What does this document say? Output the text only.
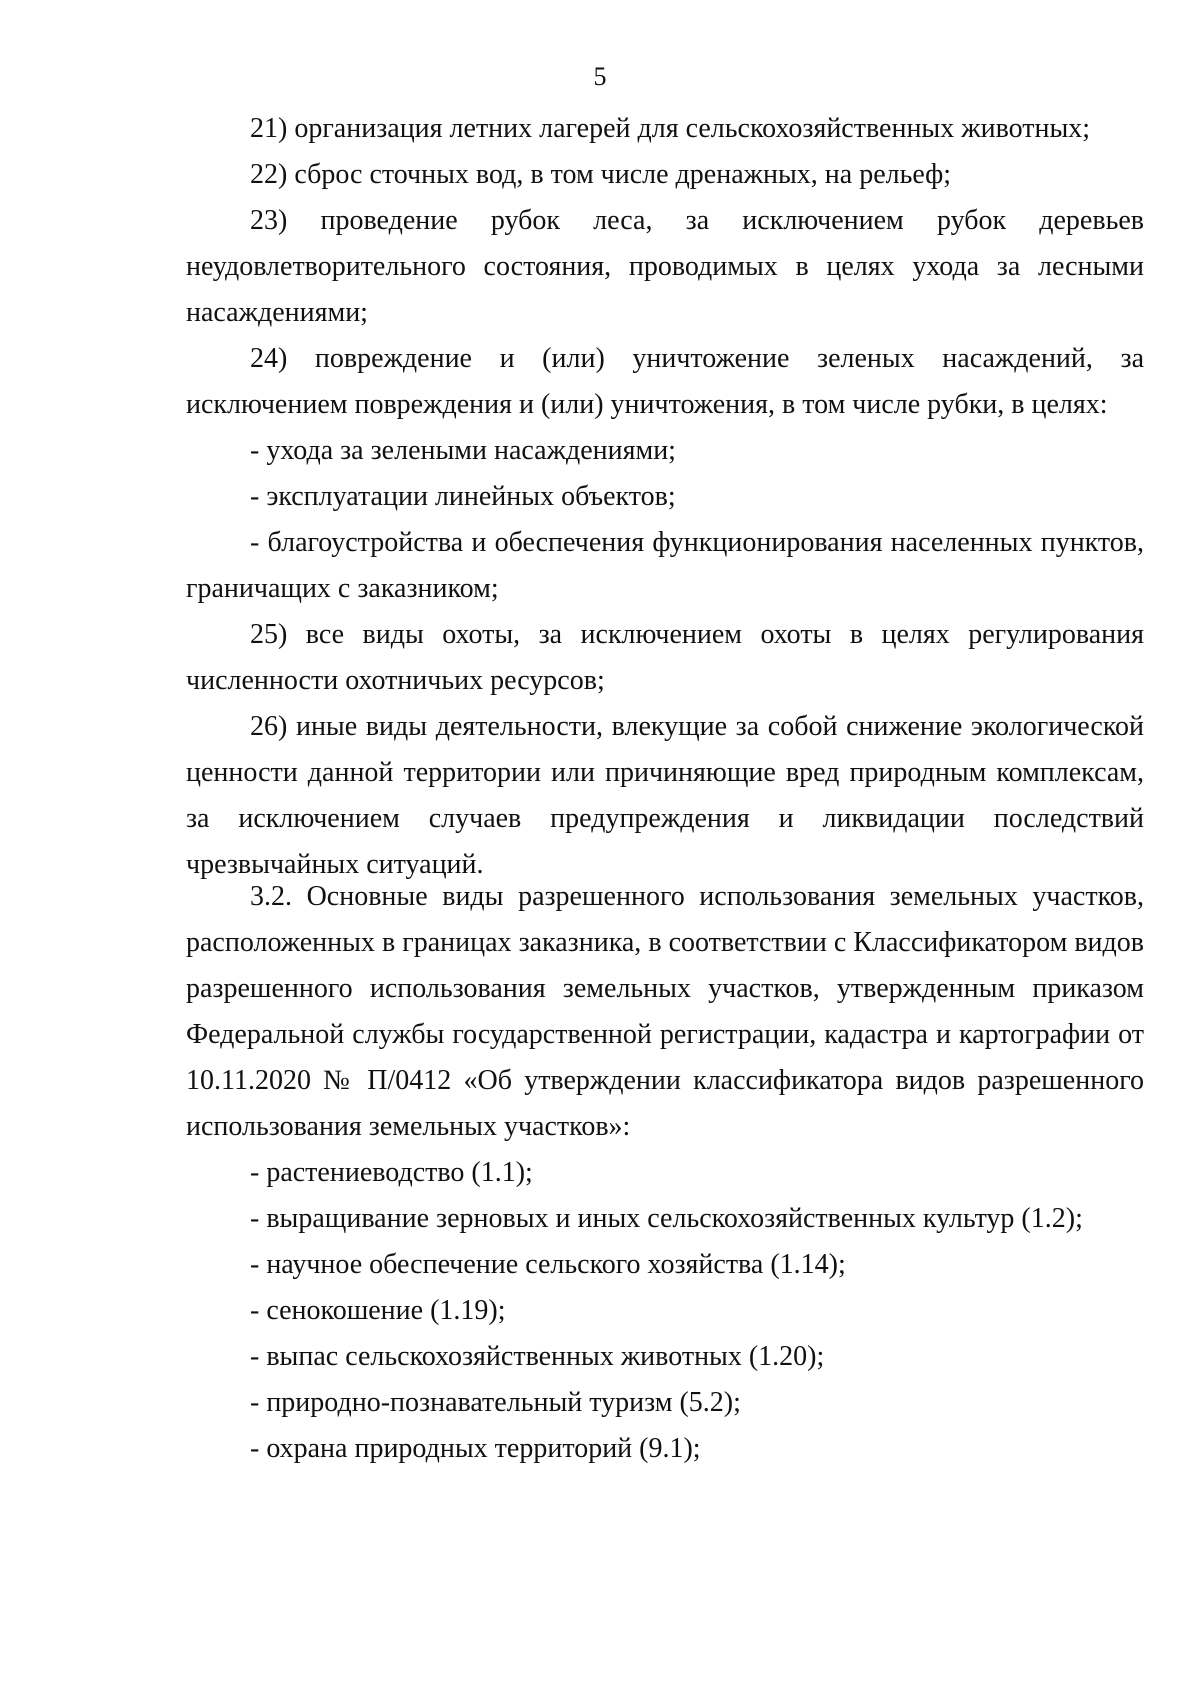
5

21) организация летних лагерей для сельскохозяйственных животных;

22) сброс сточных вод, в том числе дренажных, на рельеф;

23) проведение рубок леса, за исключением рубок деревьев неудовлетворительного состояния, проводимых в целях ухода за лесными насаждениями;

24) повреждение и (или) уничтожение зеленых насаждений, за исключением повреждения и (или) уничтожения, в том числе рубки, в целях:

- ухода за зелеными насаждениями;

- эксплуатации линейных объектов;

- благоустройства и обеспечения функционирования населенных пунктов, граничащих с заказником;

25) все виды охоты, за исключением охоты в целях регулирования численности охотничьих ресурсов;

26) иные виды деятельности, влекущие за собой снижение экологической ценности данной территории или причиняющие вред природным комплексам, за исключением случаев предупреждения и ликвидации последствий чрезвычайных ситуаций.

3.2. Основные виды разрешенного использования земельных участков, расположенных в границах заказника, в соответствии с Классификатором видов разрешенного использования земельных участков, утвержденным приказом Федеральной службы государственной регистрации, кадастра и картографии от 10.11.2020 № П/0412 «Об утверждении классификатора видов разрешенного использования земельных участков»:

- растениеводство (1.1);

- выращивание зерновых и иных сельскохозяйственных культур (1.2);

- научное обеспечение сельского хозяйства (1.14);

- сенокошение (1.19);

- выпас сельскохозяйственных животных (1.20);

- природно-познавательный туризм (5.2);

- охрана природных территорий (9.1);
